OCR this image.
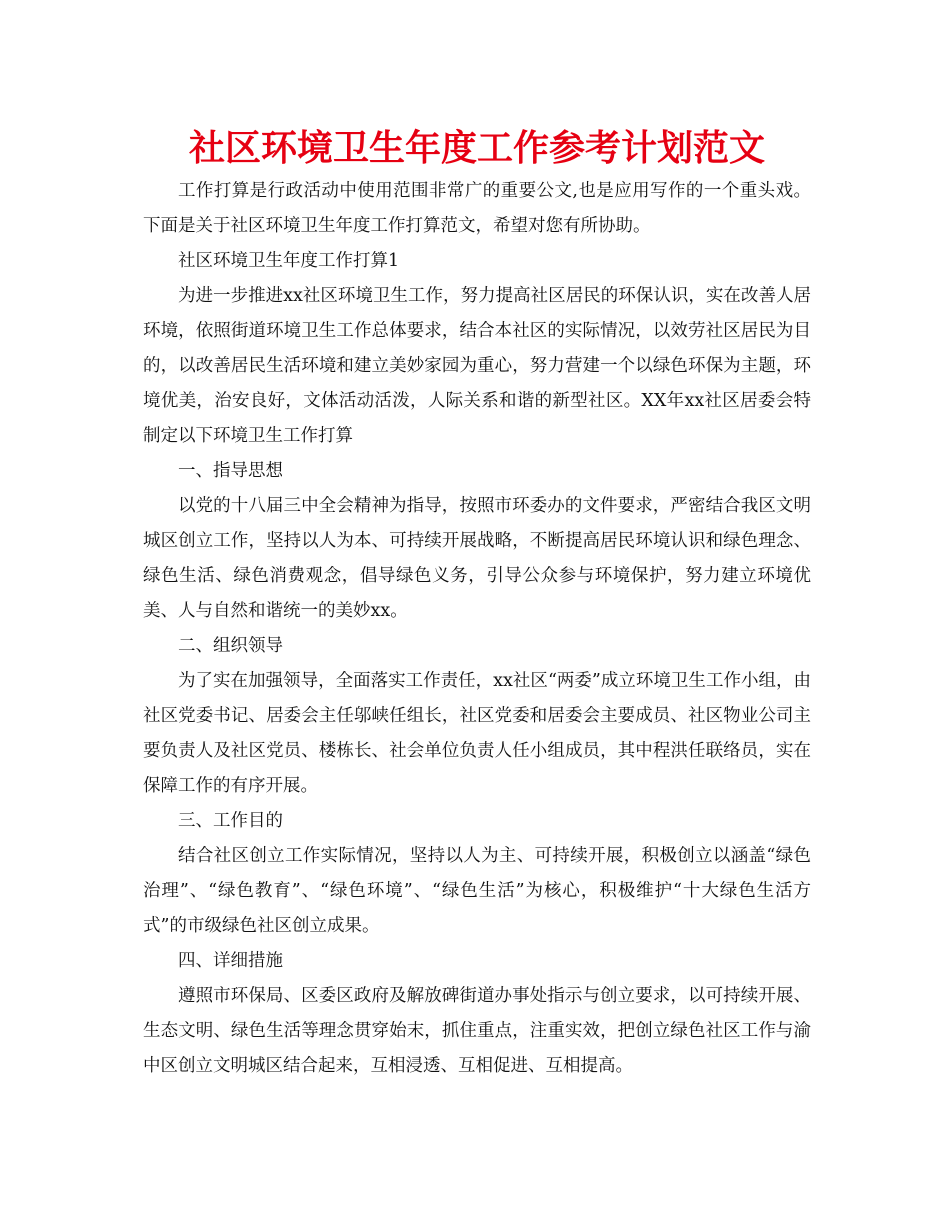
社区环境卫生年度工作参考计划范文

工作打算是行政活动中使用范围非常广的重要公文,也是应用写作的一个重头戏。下面是关于社区环境卫生年度工作打算范文，希望对您有所协助。

社区环境卫生年度工作打算1

为进一步推进xx社区环境卫生工作，努力提高社区居民的环保认识，实在改善人居环境，依照街道环境卫生工作总体要求，结合本社区的实际情况，以效劳社区居民为目的，以改善居民生活环境和建立美妙家园为重心，努力营建一个以绿色环保为主题，环境优美，治安良好，文体活动活泼，人际关系和谐的新型社区。XX年xx社区居委会特制定以下环境卫生工作打算

一、指导思想

以党的十八届三中全会精神为指导，按照市环委办的文件要求，严密结合我区文明城区创立工作，坚持以人为本、可持续开展战略，不断提高居民环境认识和绿色理念、绿色生活、绿色消费观念，倡导绿色义务，引导公众参与环境保护，努力建立环境优美、人与自然和谐统一的美妙xx。

二、组织领导

为了实在加强领导，全面落实工作责任，xx社区“两委”成立环境卫生工作小组，由社区党委书记、居委会主任邬峡任组长，社区党委和居委会主要成员、社区物业公司主要负责人及社区党员、楼栋长、社会单位负责人任小组成员，其中程洪任联络员，实在保障工作的有序开展。

三、工作目的

结合社区创立工作实际情况，坚持以人为主、可持续开展，积极创立以涵盖“绿色治理”、“绿色教育”、“绿色环境”、“绿色生活”为核心，积极维护“十大绿色生活方式”的市级绿色社区创立成果。

四、详细措施

遵照市环保局、区委区政府及解放碑街道办事处指示与创立要求，以可持续开展、生态文明、绿色生活等理念贯穿始末，抓住重点，注重实效，把创立绿色社区工作与渝中区创立文明城区结合起来，互相浸透、互相促进、互相提高。
